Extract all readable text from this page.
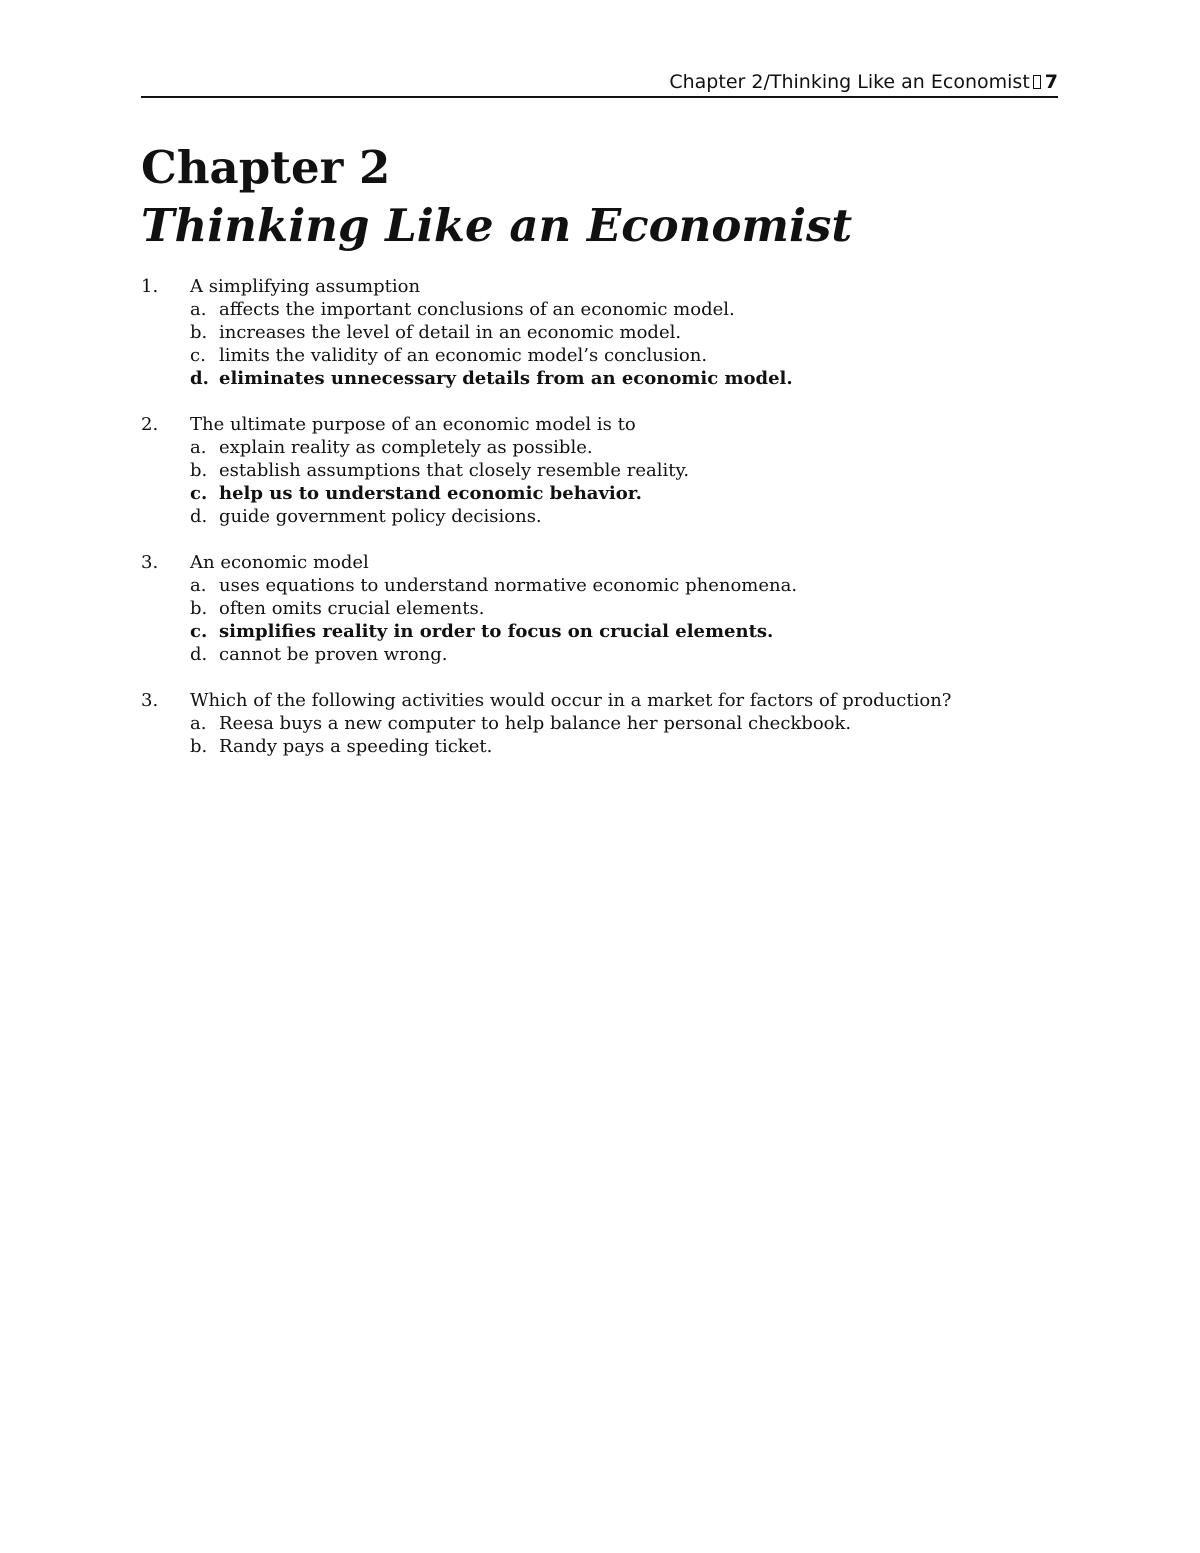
Chapter 2/Thinking Like an Economist 7
Chapter 2
Thinking Like an Economist
1. A simplifying assumption
a. affects the important conclusions of an economic model.
b. increases the level of detail in an economic model.
c. limits the validity of an economic model’s conclusion.
d. eliminates unnecessary details from an economic model.
2. The ultimate purpose of an economic model is to
a. explain reality as completely as possible.
b. establish assumptions that closely resemble reality.
c. help us to understand economic behavior.
d. guide government policy decisions.
3. An economic model
a. uses equations to understand normative economic phenomena.
b. often omits crucial elements.
c. simplifies reality in order to focus on crucial elements.
d. cannot be proven wrong.
3. Which of the following activities would occur in a market for factors of production?
a. Reesa buys a new computer to help balance her personal checkbook.
b. Randy pays a speeding ticket.
